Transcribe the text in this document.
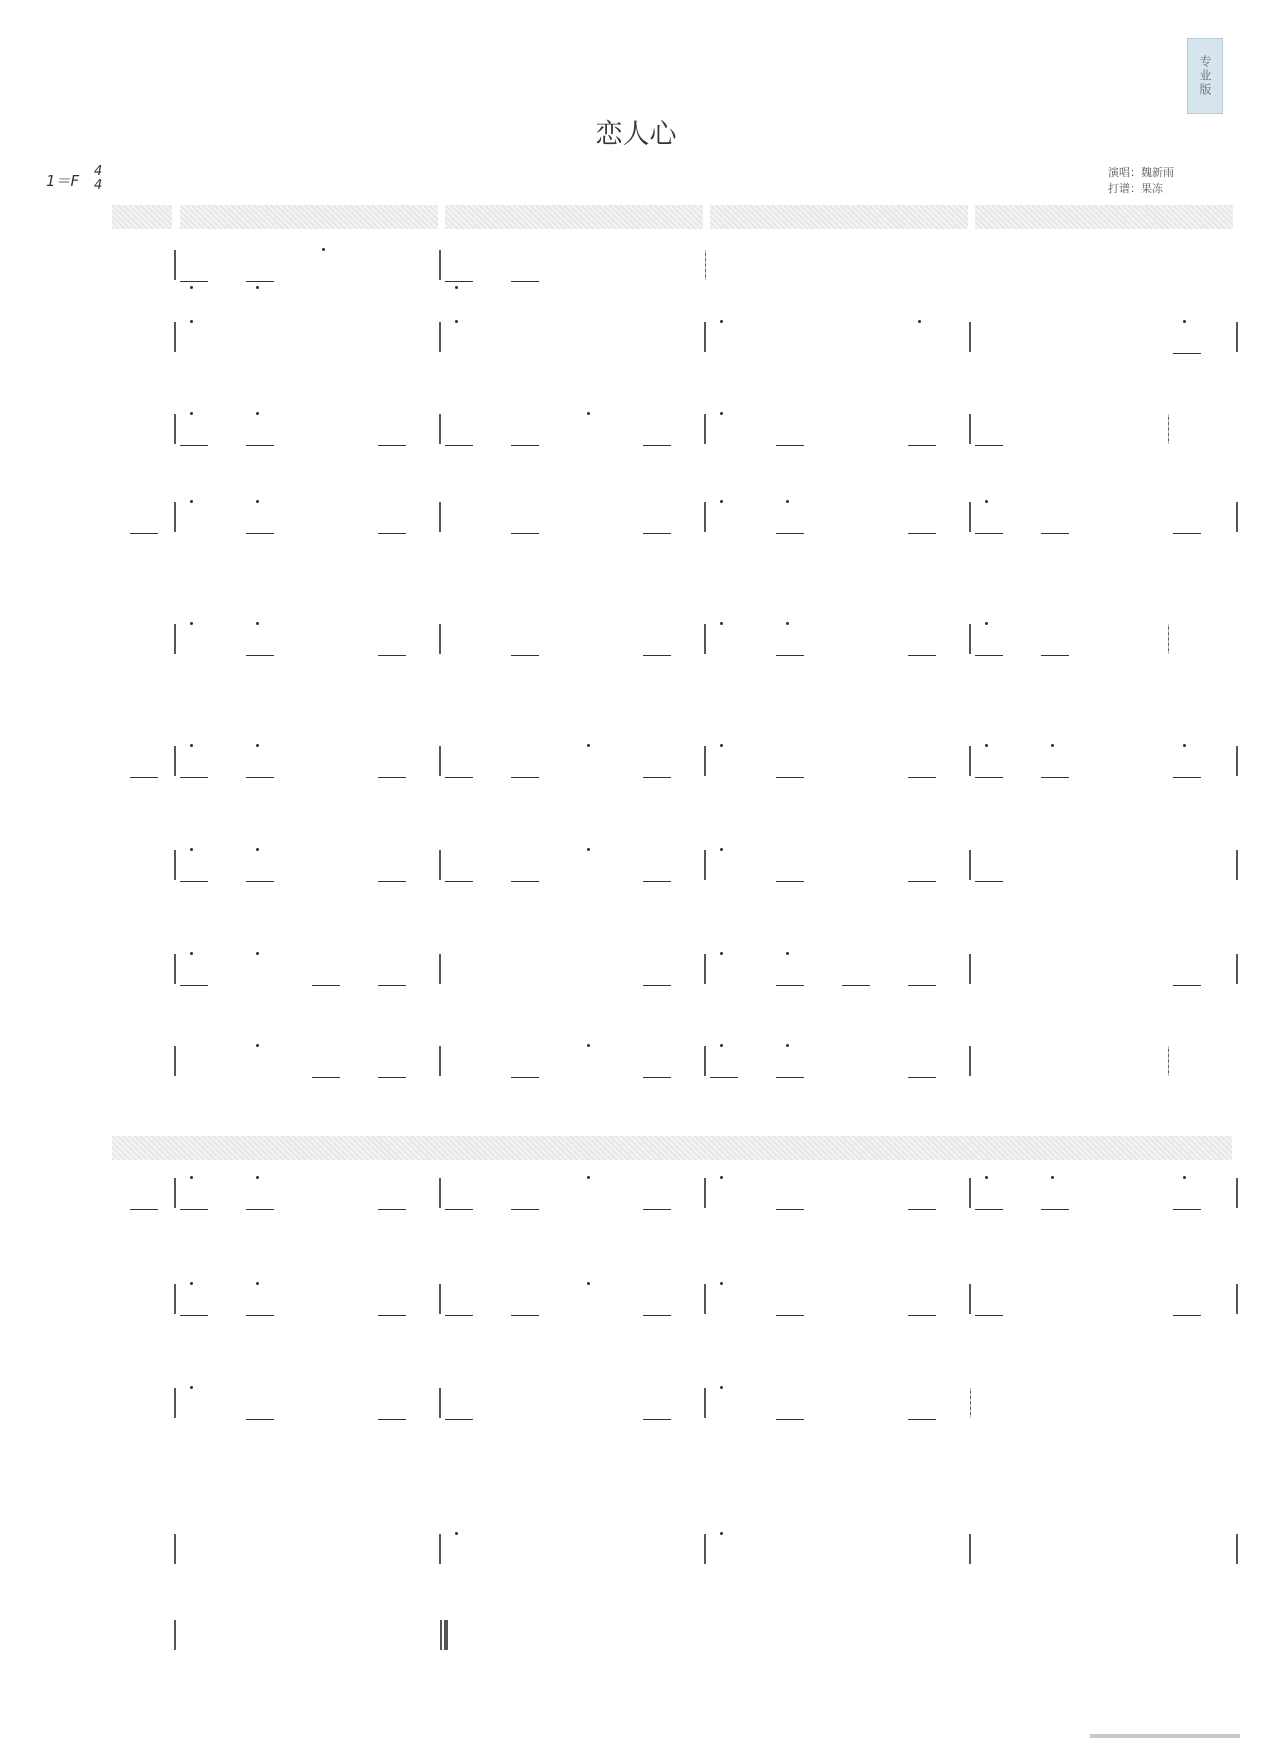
恋人心
专业版
1＝F
4
4
演唱：魏新雨
打谱：果冻
